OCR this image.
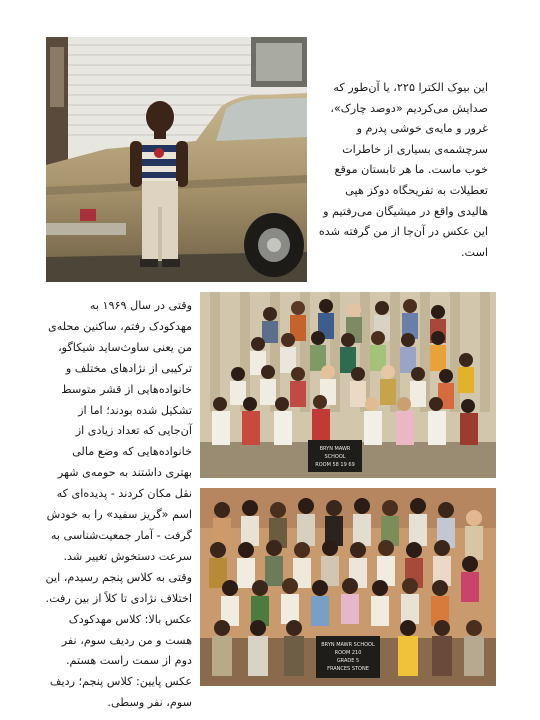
این بیوک الکترا ۲۲۵، یا آن‌طور که صدایش می‌کردیم «دوصد چارک»، غرور و مایه‌ی خوشی پدرم و سرچشمه‌ی بسیاری از خاطرات خوب ماست. ما هر تابستان موقع تعطیلات به تفریحگاه دوکز هپی هالیدی واقع در میشیگان می‌رفتیم و این عکس در آن‌جا از من گرفته شده است.

وقتی در سال ۱۹۶۹ به مهدکودک رفتم، ساکنین محله‌ی من یعنی ساوث‌ساید شیکاگو، ترکیبی از نژادهای مختلف و خانواده‌هایی از قشر متوسط تشکیل شده بودند؛ اما از آن‌جایی که تعداد زیادی از خانواده‌هایی که وضع مالی بهتری داشتند به حومه‌ی شهر نقل مکان کردند - پدیده‌ای که اسم «گریز سفید» را به خودش گرفت - آمار جمعیت‌شناسی به سرعت دستخوش تغییر شد. وقتی به کلاس پنجم رسیدم، این اختلاف نژادی تا کلاً از بین رفت. عکس بالا: کلاس مهدکودک هست و من ردیف سوم، نفر دوم از سمت راست هستم. عکس پایین: کلاس پنجم؛ ردیف سوم، نفر وسطی.

BRYN MAWR
SCHOOL
ROOM 58 19 69
BRYN MAWR SCHOOL
ROOM 210
GRADE 5
FRANCES STONE
